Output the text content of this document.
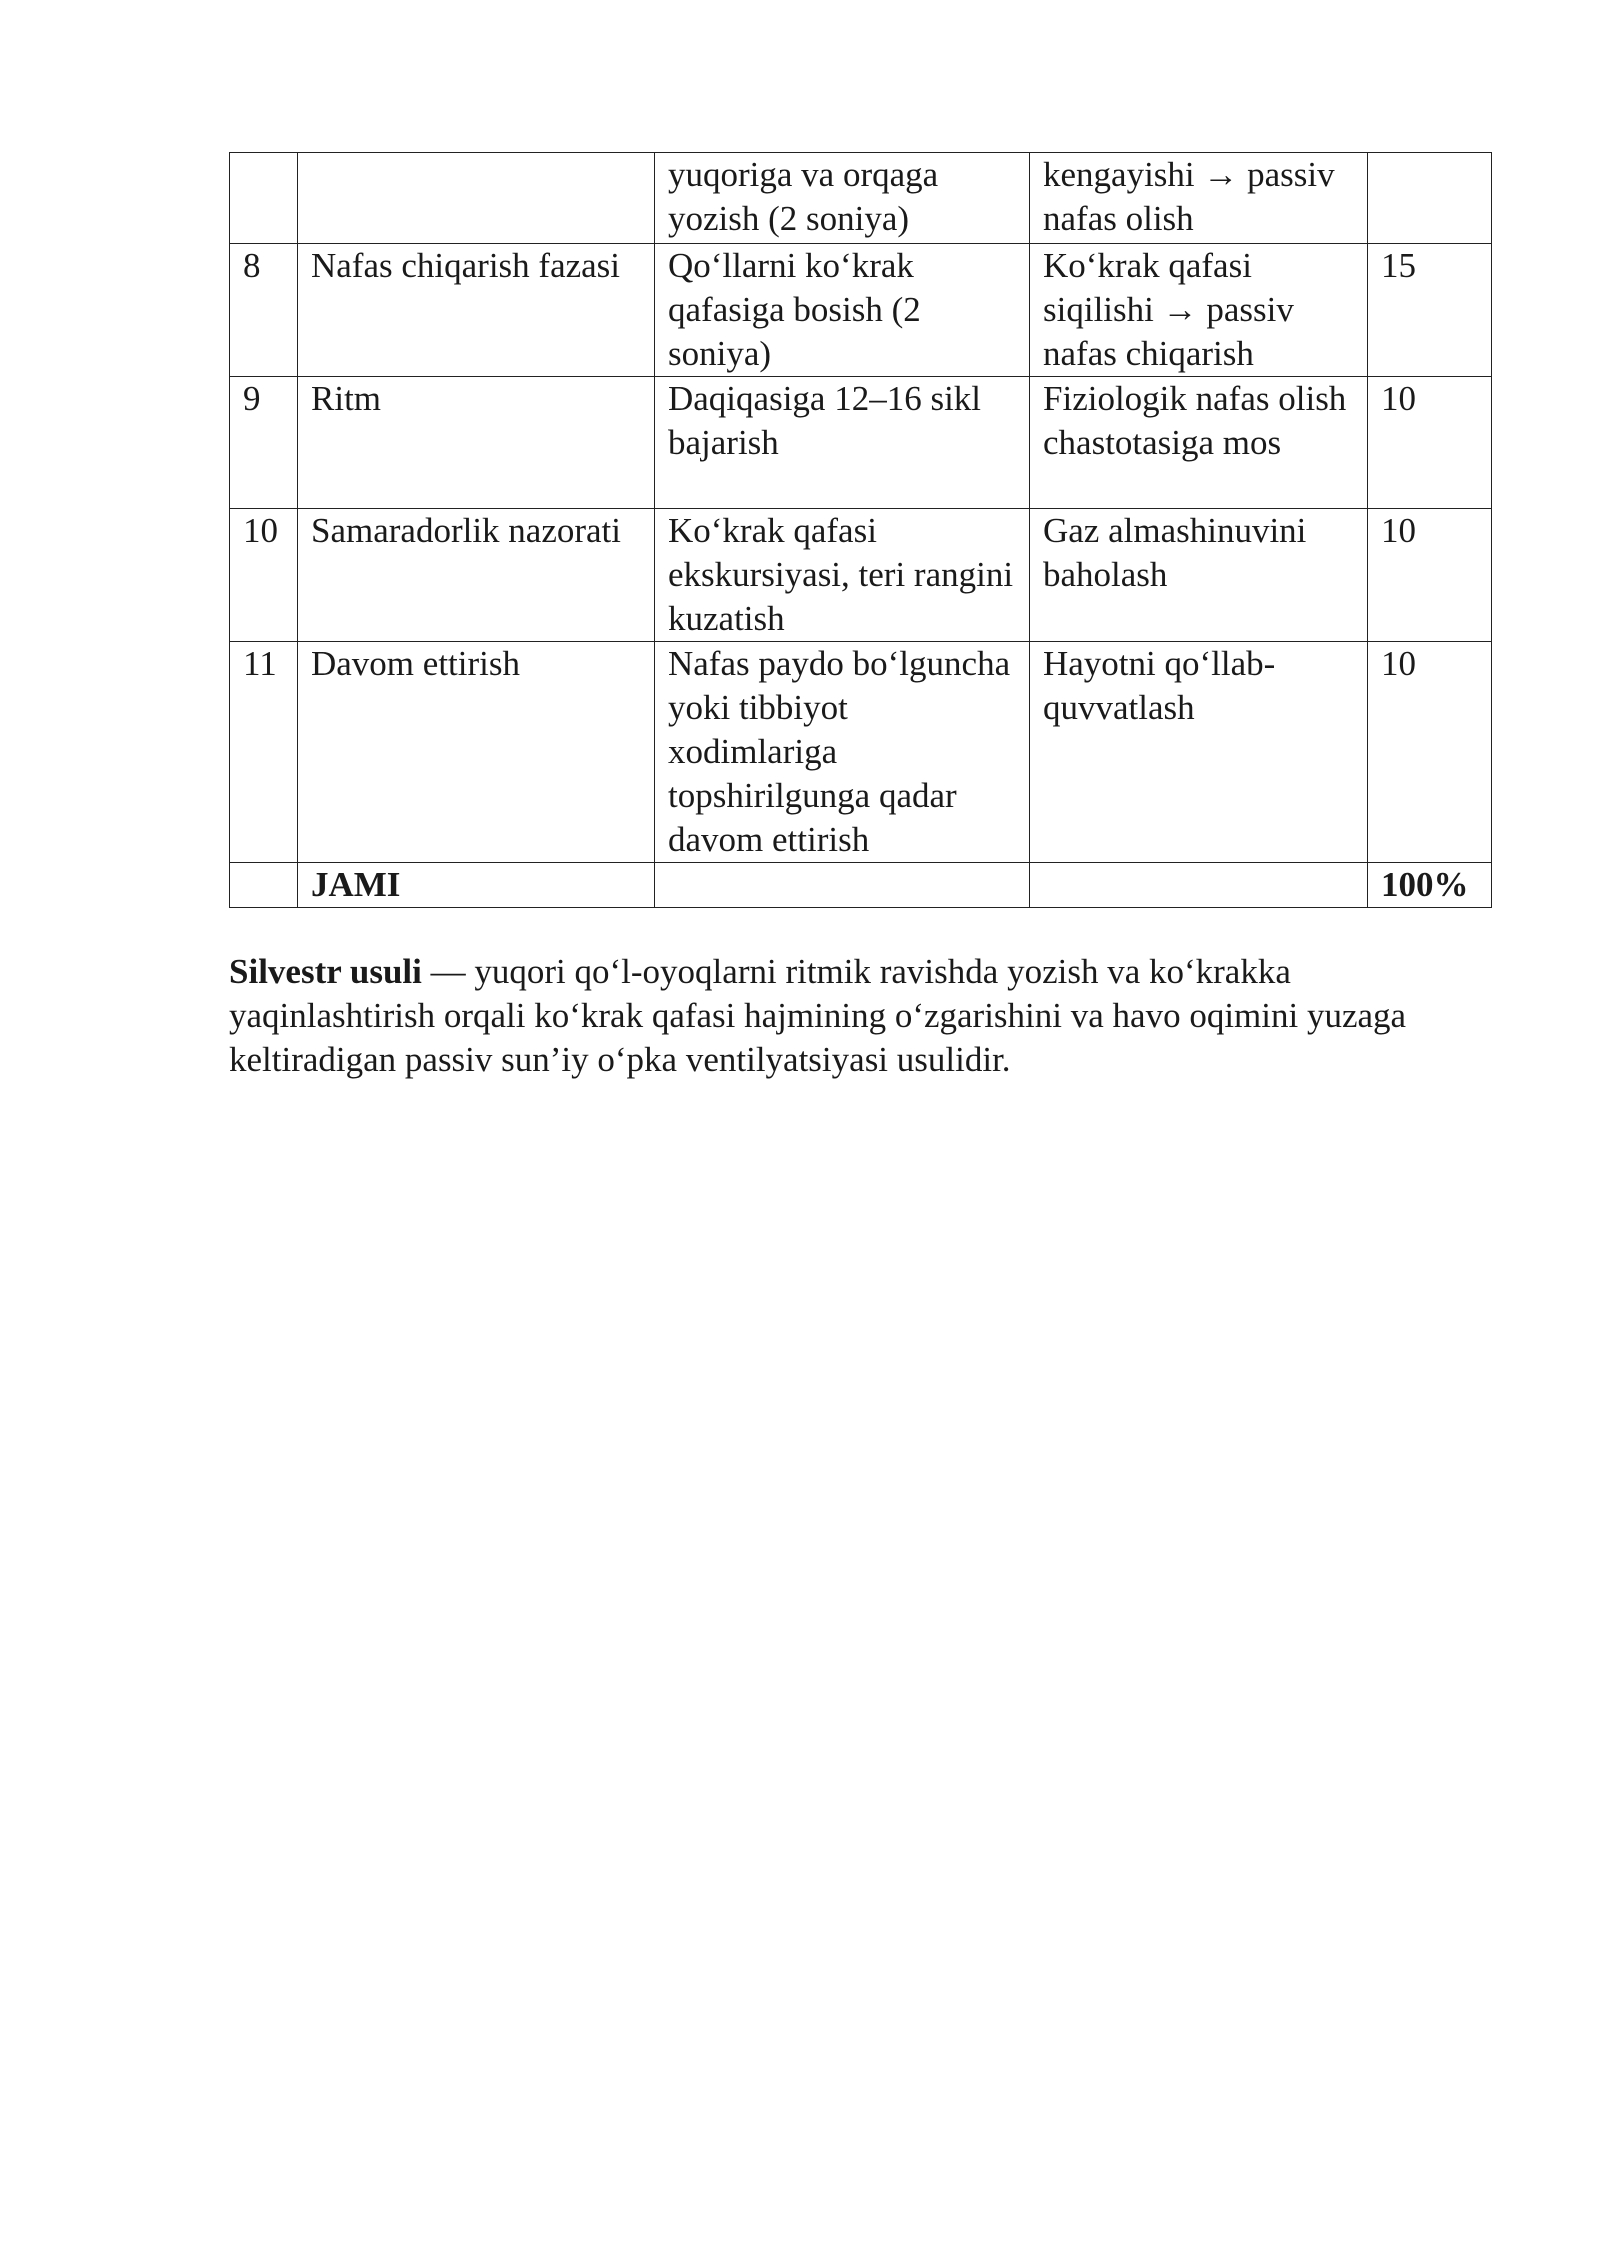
		yuqoriga va orqaga yozish (2 soniya)	kengayishi → passiv nafas olish	
8	Nafas chiqarish fazasi	Qo‘llarni ko‘krak qafasiga bosish (2 soniya)	Ko‘krak qafasi siqilishi → passiv nafas chiqarish	15
9	Ritm	Daqiqasiga 12–16 sikl bajarish	Fiziologik nafas olish chastotasiga mos	10
10	Samaradorlik nazorati	Ko‘krak qafasi ekskursiyasi, teri rangini kuzatish	Gaz almashinuvini baholash	10
11	Davom ettirish	Nafas paydo bo‘lguncha yoki tibbiyot xodimlariga topshirilgunga qadar davom ettirish	Hayotni qo‘llab-quvvatlash	10
	JAMI			100%

Silvestr usuli — yuqori qo‘l-oyoqlarni ritmik ravishda yozish va ko‘krakka yaqinlashtirish orqali ko‘krak qafasi hajmining o‘zgarishini va havo oqimini yuzaga keltiradigan passiv sun’iy o‘pka ventilyatsiyasi usulidir.
